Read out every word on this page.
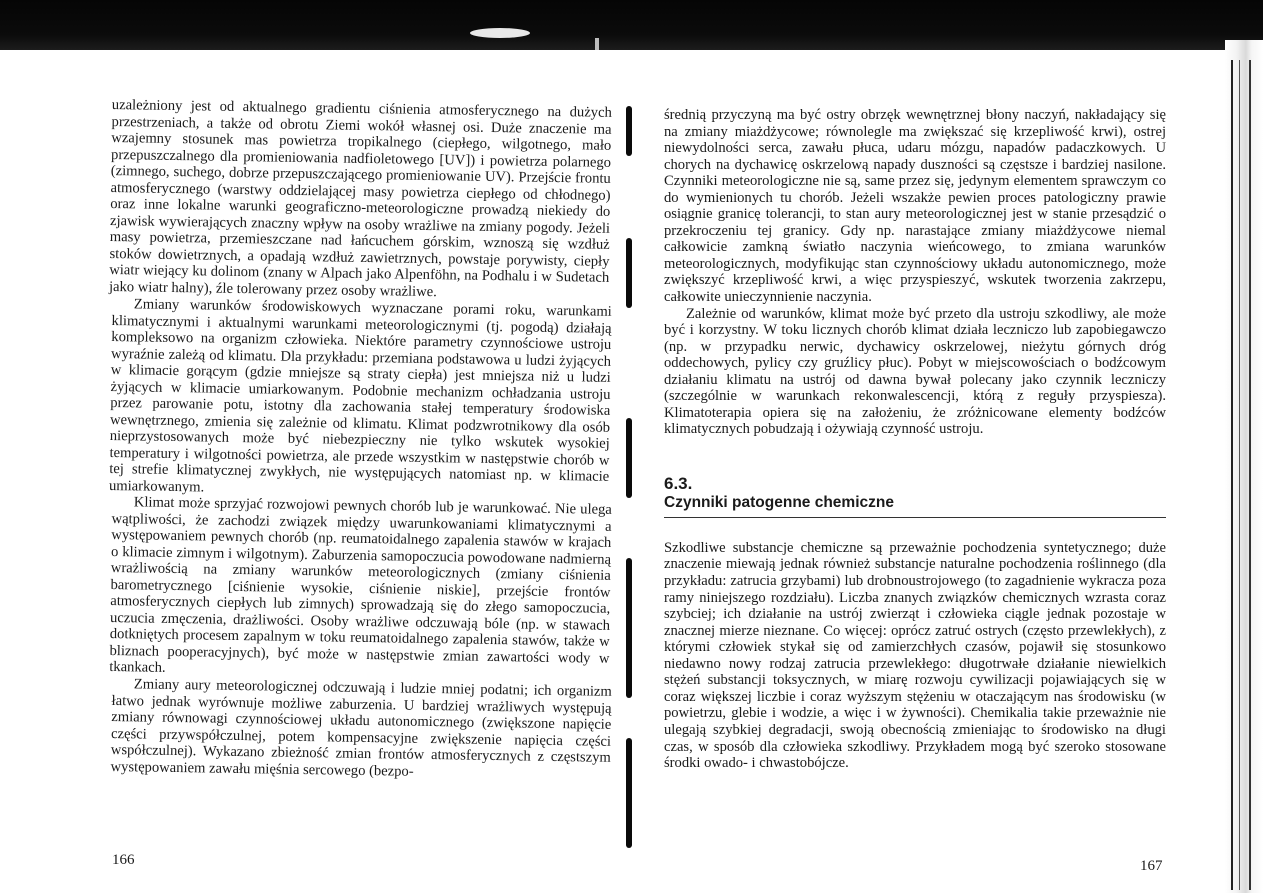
uzależniony jest od aktualnego gradientu ciśnienia atmosferycznego na dużych przestrzeniach, a także od obrotu Ziemi wokół własnej osi. Duże znaczenie ma wzajemny stosunek mas powietrza tropikalnego (ciepłego, wilgotnego, mało przepuszczalnego dla promieniowania nadfioletowego [UV]) i powietrza polarnego (zimnego, suchego, dobrze przepuszczającego promieniowanie UV). Przejście frontu atmosferycznego (warstwy oddzielającej masy powietrza ciepłego od chłodnego) oraz inne lokalne warunki geograficzno-meteorologiczne prowadzą niekiedy do zjawisk wywierających znaczny wpływ na osoby wrażliwe na zmiany pogody. Jeżeli masy powietrza, przemieszczane nad łańcuchem górskim, wznoszą się wzdłuż stoków dowietrznych, a opadają wzdłuż zawietrznych, powstaje porywisty, ciepły wiatr wiejący ku dolinom (znany w Alpach jako Alpenföhn, na Podhalu i w Sudetach jako wiatr halny), źle tolerowany przez osoby wrażliwe.

Zmiany warunków środowiskowych wyznaczane porami roku, warunkami klimatycznymi i aktualnymi warunkami meteorologicznymi (tj. pogodą) działają kompleksowo na organizm człowieka. Niektóre parametry czynnościowe ustroju wyraźnie zależą od klimatu. Dla przykładu: przemiana podstawowa u ludzi żyjących w klimacie gorącym (gdzie mniejsze są straty ciepła) jest mniejsza niż u ludzi żyjących w klimacie umiarkowanym. Podobnie mechanizm ochładzania ustroju przez parowanie potu, istotny dla zachowania stałej temperatury środowiska wewnętrznego, zmienia się zależnie od klimatu. Klimat podzwrotnikowy dla osób nieprzystosowanych może być niebezpieczny nie tylko wskutek wysokiej temperatury i wilgotności powietrza, ale przede wszystkim w następstwie chorób w tej strefie klimatycznej zwykłych, nie występujących natomiast np. w klimacie umiarkowanym.

Klimat może sprzyjać rozwojowi pewnych chorób lub je warunkować. Nie ulega wątpliwości, że zachodzi związek między uwarunkowaniami klimatycznymi a występowaniem pewnych chorób (np. reumatoidalnego zapalenia stawów w krajach o klimacie zimnym i wilgotnym). Zaburzenia samopoczucia powodowane nadmierną wrażliwością na zmiany warunków meteorologicznych (zmiany ciśnienia barometrycznego [ciśnienie wysokie, ciśnienie niskie], przejście frontów atmosferycznych ciepłych lub zimnych) sprowadzają się do złego samopoczucia, uczucia zmęczenia, drażliwości. Osoby wrażliwe odczuwają bóle (np. w stawach dotkniętych procesem zapalnym w toku reumatoidalnego zapalenia stawów, także w bliznach pooperacyjnych), być może w następstwie zmian zawartości wody w tkankach.

Zmiany aury meteorologicznej odczuwają i ludzie mniej podatni; ich organizm łatwo jednak wyrównuje możliwe zaburzenia. U bardziej wrażliwych występują zmiany równowagi czynnościowej układu autonomicznego (zwiększone napięcie części przywspółczulnej, potem kompensacyjne zwiększenie napięcia części współczulnej). Wykazano zbieżność zmian frontów atmosferycznych z częstszym występowaniem zawału mięśnia sercowego (bezpo-

166

średnią przyczyną ma być ostry obrzęk wewnętrznej błony naczyń, nakładający się na zmiany miażdżycowe; równolegle ma zwiększać się krzepliwość krwi), ostrej niewydolności serca, zawału płuca, udaru mózgu, napadów padaczkowych. U chorych na dychawicę oskrzelową napady duszności są częstsze i bardziej nasilone. Czynniki meteorologiczne nie są, same przez się, jedynym elementem sprawczym co do wymienionych tu chorób. Jeżeli wszakże pewien proces patologiczny prawie osiągnie granicę tolerancji, to stan aury meteorologicznej jest w stanie przesądzić o przekroczeniu tej granicy. Gdy np. narastające zmiany miażdżycowe niemal całkowicie zamkną światło naczynia wieńcowego, to zmiana warunków meteorologicznych, modyfikując stan czynnościowy układu autonomicznego, może zwiększyć krzepliwość krwi, a więc przyspieszyć, wskutek tworzenia zakrzepu, całkowite unieczynnienie naczynia.

Zależnie od warunków, klimat może być przeto dla ustroju szkodliwy, ale może być i korzystny. W toku licznych chorób klimat działa leczniczo lub zapobiegawczo (np. w przypadku nerwic, dychawicy oskrzelowej, nieżytu górnych dróg oddechowych, pylicy czy gruźlicy płuc). Pobyt w miejscowościach o bodźcowym działaniu klimatu na ustrój od dawna bywał polecany jako czynnik leczniczy (szczególnie w warunkach rekonwalescencji, którą z reguły przyspiesza). Klimatoterapia opiera się na założeniu, że zróżnicowane elementy bodźców klimatycznych pobudzają i ożywiają czynność ustroju.

6.3.
Czynniki patogenne chemiczne

Szkodliwe substancje chemiczne są przeważnie pochodzenia syntetycznego; duże znaczenie miewają jednak również substancje naturalne pochodzenia roślinnego (dla przykładu: zatrucia grzybami) lub drobnoustrojowego (to zagadnienie wykracza poza ramy niniejszego rozdziału). Liczba znanych związków chemicznych wzrasta coraz szybciej; ich działanie na ustrój zwierząt i człowieka ciągle jednak pozostaje w znacznej mierze nieznane. Co więcej: oprócz zatruć ostrych (często przewlekłych), z którymi człowiek stykał się od zamierzchłych czasów, pojawił się stosunkowo niedawno nowy rodzaj zatrucia przewlekłego: długotrwałe działanie niewielkich stężeń substancji toksycznych, w miarę rozwoju cywilizacji pojawiających się w coraz większej liczbie i coraz wyższym stężeniu w otaczającym nas środowisku (w powietrzu, glebie i wodzie, a więc i w żywności). Chemikalia takie przeważnie nie ulegają szybkiej degradacji, swoją obecnością zmieniając to środowisko na długi czas, w sposób dla człowieka szkodliwy. Przykładem mogą być szeroko stosowane środki owado- i chwastobójcze.

167
